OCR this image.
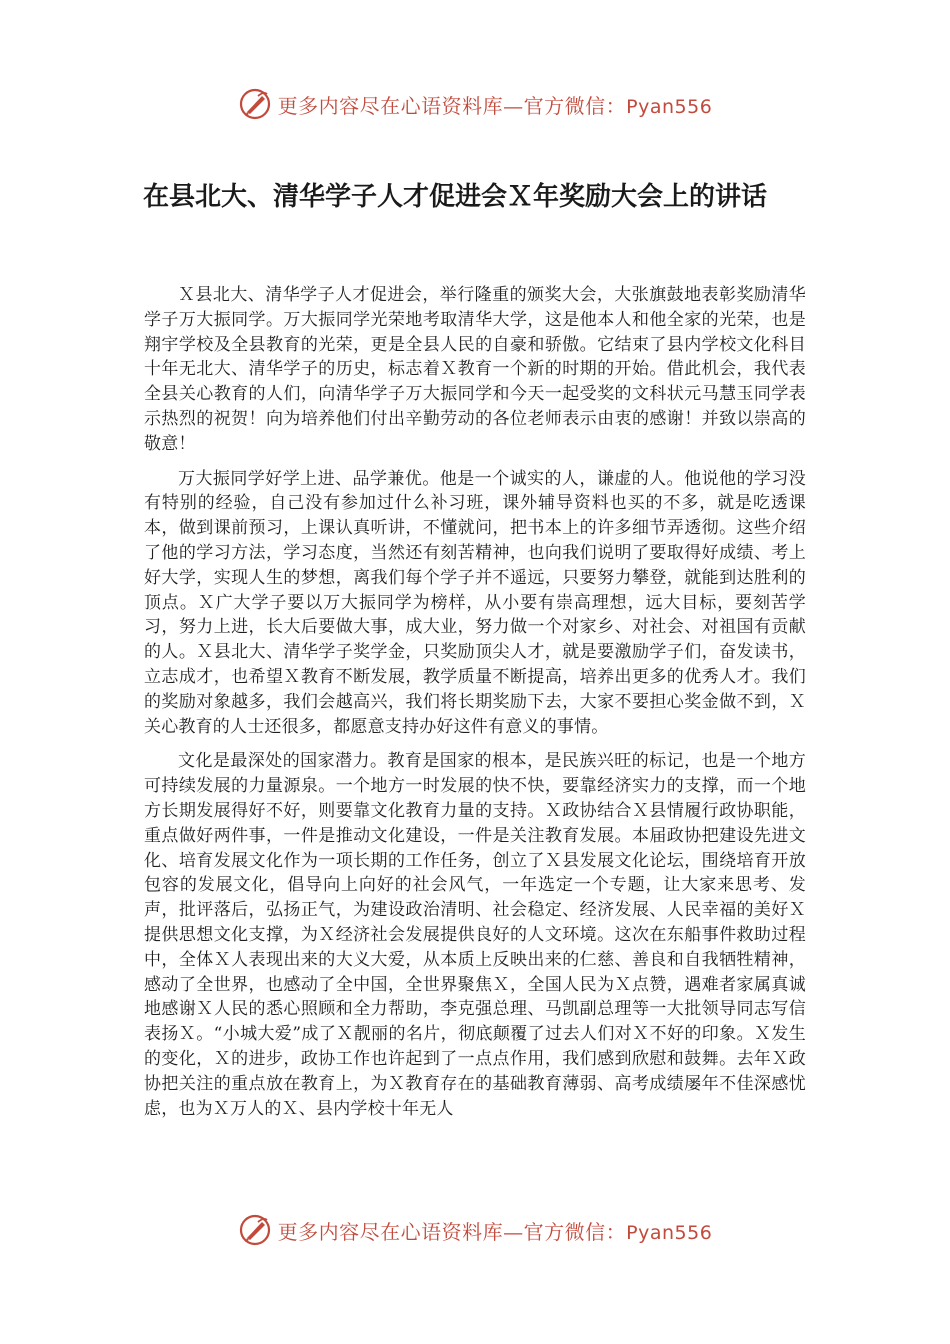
更多内容尽在心语资料库—官方微信：Pyan556
在县北大、清华学子人才促进会Ｘ年奖励大会上的讲话

Ｘ县北大、清华学子人才促进会，举行隆重的颁奖大会，大张旗鼓地表彰奖励清华学子万大振同学。万大振同学光荣地考取清华大学，这是他本人和他全家的光荣，也是翔宇学校及全县教育的光荣，更是全县人民的自豪和骄傲。它结束了县内学校文化科目十年无北大、清华学子的历史，标志着Ｘ教育一个新的时期的开始。借此机会，我代表全县关心教育的人们，向清华学子万大振同学和今天一起受奖的文科状元马慧玉同学表示热烈的祝贺！向为培养他们付出辛勤劳动的各位老师表示由衷的感谢！并致以崇高的敬意！

万大振同学好学上进、品学兼优。他是一个诚实的人，谦虚的人。他说他的学习没有特别的经验，自己没有参加过什么补习班，课外辅导资料也买的不多，就是吃透课本，做到课前预习，上课认真听讲，不懂就问，把书本上的许多细节弄透彻。这些介绍了他的学习方法，学习态度，当然还有刻苦精神，也向我们说明了要取得好成绩、考上好大学，实现人生的梦想，离我们每个学子并不遥远，只要努力攀登，就能到达胜利的顶点。Ｘ广大学子要以万大振同学为榜样，从小要有崇高理想，远大目标，要刻苦学习，努力上进，长大后要做大事，成大业，努力做一个对家乡、对社会、对祖国有贡献的人。Ｘ县北大、清华学子奖学金，只奖励顶尖人才，就是要激励学子们，奋发读书，立志成才，也希望Ｘ教育不断发展，教学质量不断提高，培养出更多的优秀人才。我们的奖励对象越多，我们会越高兴，我们将长期奖励下去，大家不要担心奖金做不到，Ｘ关心教育的人士还很多，都愿意支持办好这件有意义的事情。

文化是最深处的国家潜力。教育是国家的根本，是民族兴旺的标记，也是一个地方可持续发展的力量源泉。一个地方一时发展的快不快，要靠经济实力的支撑，而一个地方长期发展得好不好，则要靠文化教育力量的支持。Ｘ政协结合Ｘ县情履行政协职能，重点做好两件事，一件是推动文化建设，一件是关注教育发展。本届政协把建设先进文化、培育发展文化作为一项长期的工作任务，创立了Ｘ县发展文化论坛，围绕培育开放包容的发展文化，倡导向上向好的社会风气，一年选定一个专题，让大家来思考、发声，批评落后，弘扬正气，为建设政治清明、社会稳定、经济发展、人民幸福的美好Ｘ提供思想文化支撑，为Ｘ经济社会发展提供良好的人文环境。这次在东船事件救助过程中，全体Ｘ人表现出来的大义大爱，从本质上反映出来的仁慈、善良和自我牺牲精神，感动了全世界，也感动了全中国，全世界聚焦Ｘ，全国人民为Ｘ点赞，遇难者家属真诚地感谢Ｘ人民的悉心照顾和全力帮助，李克强总理、马凯副总理等一大批领导同志写信表扬Ｘ。“小城大爱”成了Ｘ靓丽的名片，彻底颠覆了过去人们对Ｘ不好的印象。Ｘ发生的变化，Ｘ的进步，政协工作也许起到了一点点作用，我们感到欣慰和鼓舞。去年Ｘ政协把关注的重点放在教育上，为Ｘ教育存在的基础教育薄弱、高考成绩屡年不佳深感忧虑，也为Ｘ万人的Ｘ、县内学校十年无人

更多内容尽在心语资料库—官方微信：Pyan556
